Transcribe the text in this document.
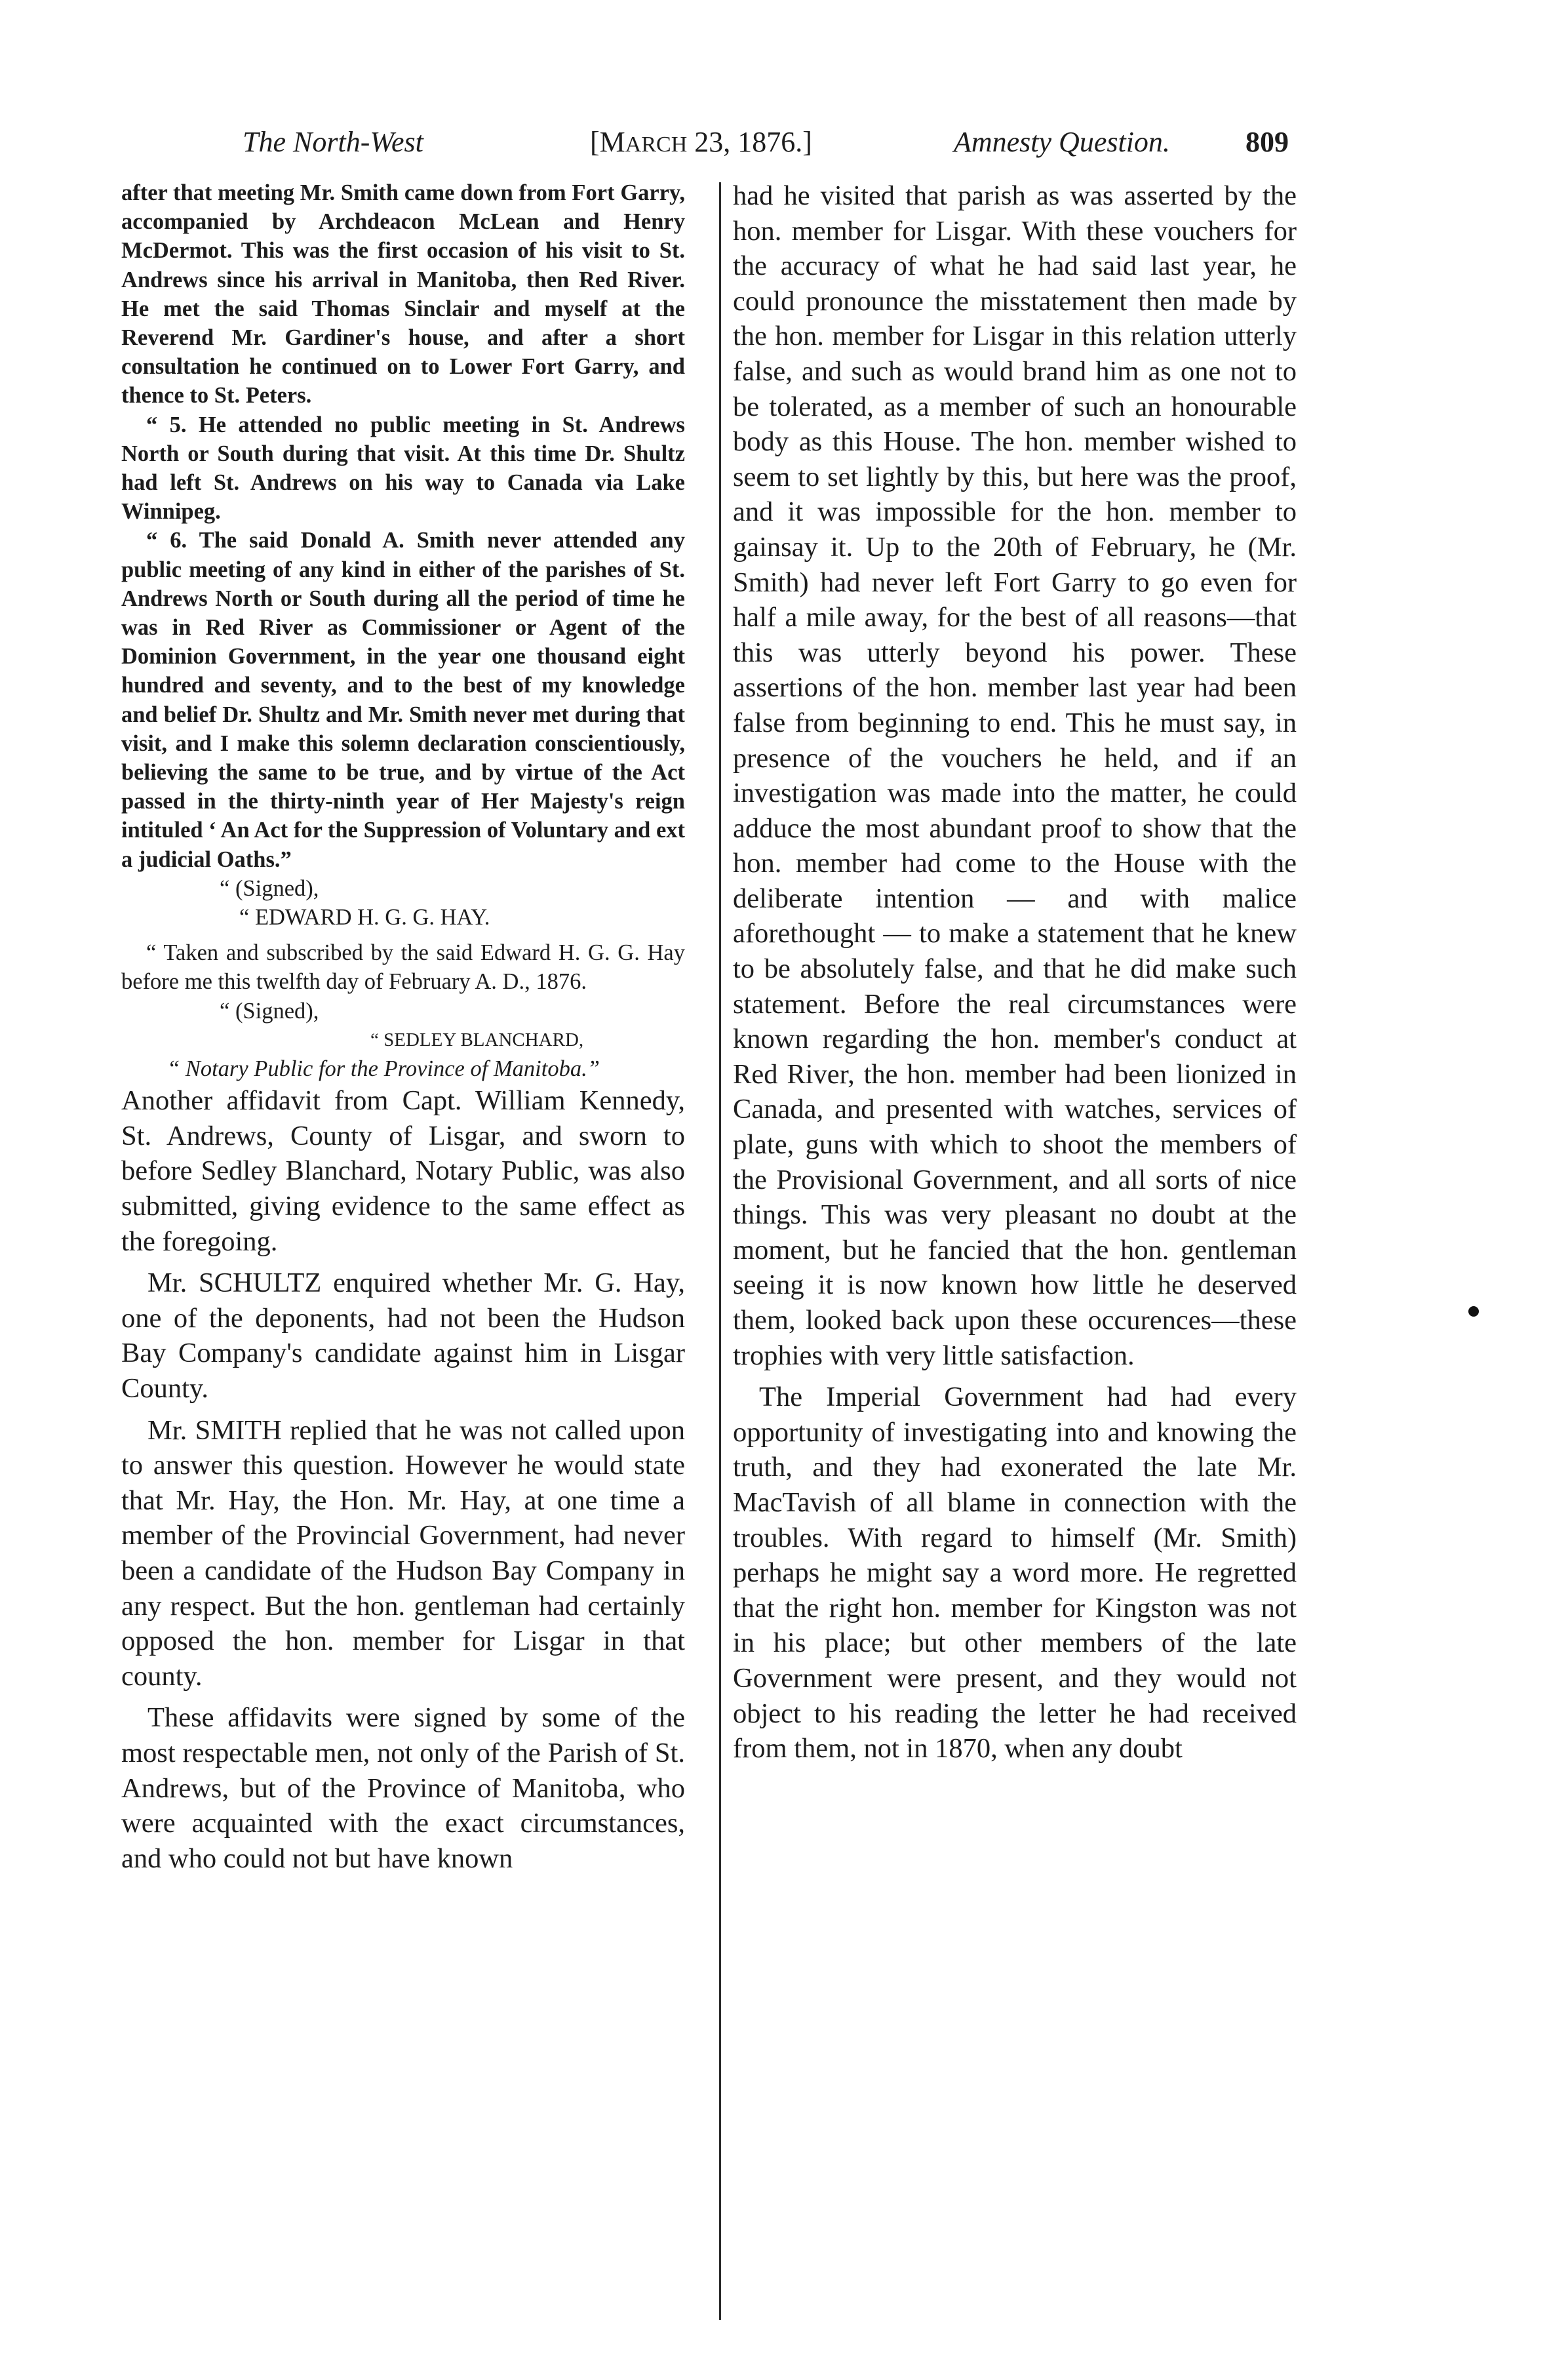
The North-West	[MARCH 23, 1876.]	Amnesty Question.	809

after that meeting Mr. Smith came down from Fort Garry, accompanied by Archdeacon McLean and Henry McDermot. This was the first occasion of his visit to St. Andrews since his arrival in Manitoba, then Red River. He met the said Thomas Sinclair and myself at the Reverend Mr. Gardiner's house, and after a short consultation he continued on to Lower Fort Garry, and thence to St. Peters.

“ 5. He attended no public meeting in St. Andrews North or South during that visit. At this time Dr. Shultz had left St. Andrews on his way to Canada via Lake Winnipeg.

“ 6. The said Donald A. Smith never attended any public meeting of any kind in either of the parishes of St. Andrews North or South during all the period of time he was in Red River as Commissioner or Agent of the Dominion Government, in the year one thousand eight hundred and seventy, and to the best of my knowledge and belief Dr. Shultz and Mr. Smith never met during that visit, and I make this solemn declaration conscientiously, believing the same to be true, and by virtue of the Act passed in the thirty-ninth year of Her Majesty's reign intituled ‘ An Act for the Suppression of Voluntary and ext a judicial Oaths.”

“ (Signed),

“ EDWARD H. G. G. HAY.

“ Taken and subscribed by the said Edward H. G. G. Hay before me this twelfth day of February A. D., 1876.

“ (Signed),

“ SEDLEY BLANCHARD,

“ Notary Public for the Province of Manitoba.”

Another affidavit from Capt. William Kennedy, St. Andrews, County of Lisgar, and sworn to before Sedley Blanchard, Notary Public, was also submitted, giving evidence to the same effect as the foregoing.

Mr. SCHULTZ enquired whether Mr. G. Hay, one of the deponents, had not been the Hudson Bay Company's candidate against him in Lisgar County.

Mr. SMITH replied that he was not called upon to answer this question. However he would state that Mr. Hay, the Hon. Mr. Hay, at one time a member of the Provincial Government, had never been a candidate of the Hudson Bay Company in any respect. But the hon. gentleman had certainly opposed the hon. member for Lisgar in that county.

These affidavits were signed by some of the most respectable men, not only of the Parish of St. Andrews, but of the Province of Manitoba, who were acquainted with the exact circumstances, and who could not but have known

had he visited that parish as was asserted by the hon. member for Lisgar. With these vouchers for the accuracy of what he had said last year, he could pronounce the misstatement then made by the hon. member for Lisgar in this relation utterly false, and such as would brand him as one not to be tolerated, as a member of such an honourable body as this House. The hon. member wished to seem to set lightly by this, but here was the proof, and it was impossible for the hon. member to gainsay it. Up to the 20th of February, he (Mr. Smith) had never left Fort Garry to go even for half a mile away, for the best of all reasons—that this was utterly beyond his power. These assertions of the hon. member last year had been false from beginning to end. This he must say, in presence of the vouchers he held, and if an investigation was made into the matter, he could adduce the most abundant proof to show that the hon. member had come to the House with the deliberate intention — and with malice aforethought — to make a statement that he knew to be absolutely false, and that he did make such statement. Before the real circumstances were known regarding the hon. member's conduct at Red River, the hon. member had been lionized in Canada, and presented with watches, services of plate, guns with which to shoot the members of the Provisional Government, and all sorts of nice things. This was very pleasant no doubt at the moment, but he fancied that the hon. gentleman seeing it is now known how little he deserved them, looked back upon these occurences—these trophies with very little satisfaction.

The Imperial Government had had every opportunity of investigating into and knowing the truth, and they had exonerated the late Mr. MacTavish of all blame in connection with the troubles. With regard to himself (Mr. Smith) perhaps he might say a word more. He regretted that the right hon. member for Kingston was not in his place; but other members of the late Government were present, and they would not object to his reading the letter he had received from them, not in 1870, when any doubt
